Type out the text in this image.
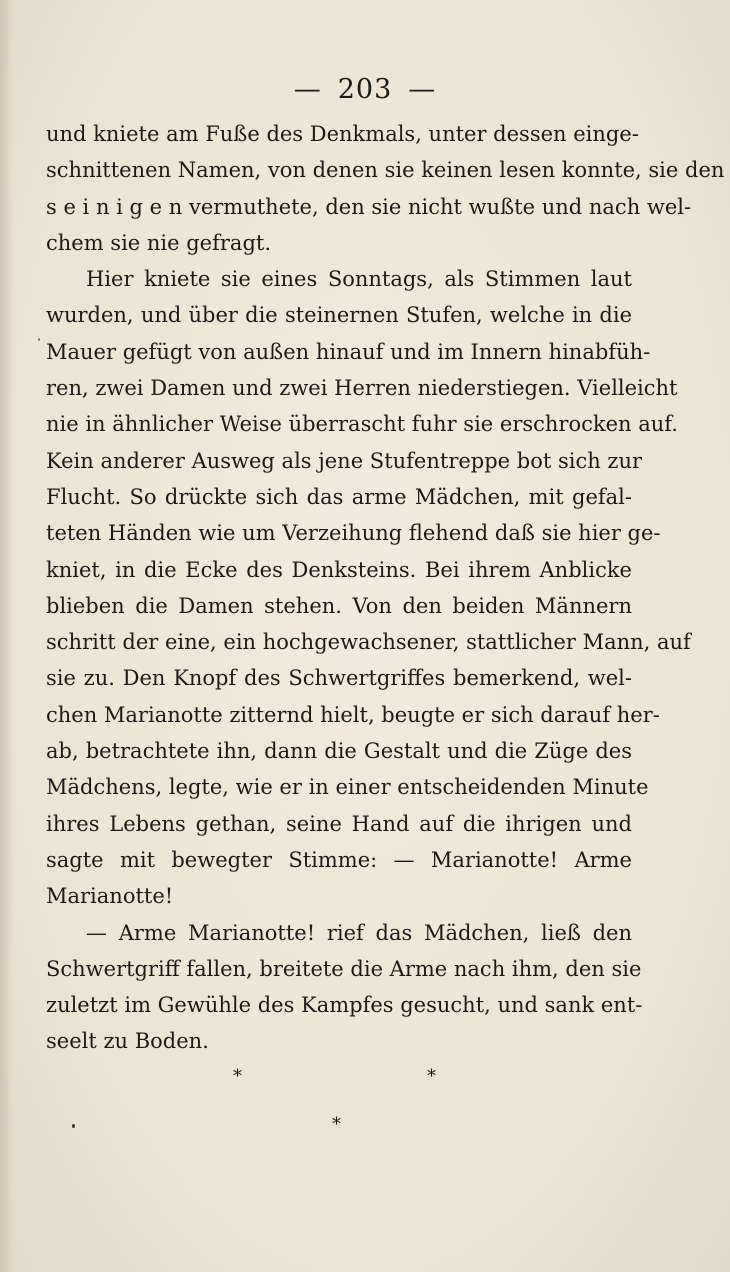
— 203 —
und kniete am Fuße des Denkmals, unter dessen einge-
schnittenen Namen, von denen sie keinen lesen konnte, sie den
s e i n i g e n vermuthete, den sie nicht wußte und nach wel-
chem sie nie gefragt.
Hier kniete sie eines Sonntags, als Stimmen laut
wurden, und über die steinernen Stufen, welche in die
Mauer gefügt von außen hinauf und im Innern hinabfüh-
ren, zwei Damen und zwei Herren niederstiegen. Vielleicht
nie in ähnlicher Weise überrascht fuhr sie erschrocken auf.
Kein anderer Ausweg als jene Stufentreppe bot sich zur
Flucht. So drückte sich das arme Mädchen, mit gefal-
teten Händen wie um Verzeihung flehend daß sie hier ge-
kniet, in die Ecke des Denksteins. Bei ihrem Anblicke
blieben die Damen stehen. Von den beiden Männern
schritt der eine, ein hochgewachsener, stattlicher Mann, auf
sie zu. Den Knopf des Schwertgriffes bemerkend, wel-
chen Marianotte zitternd hielt, beugte er sich darauf her-
ab, betrachtete ihn, dann die Gestalt und die Züge des
Mädchens, legte, wie er in einer entscheidenden Minute
ihres Lebens gethan, seine Hand auf die ihrigen und
sagte mit bewegter Stimme: — Marianotte! Arme
Marianotte!
— Arme Marianotte! rief das Mädchen, ließ den
Schwertgriff fallen, breitete die Arme nach ihm, den sie
zuletzt im Gewühle des Kampfes gesucht, und sank ent-
seelt zu Boden.
*	*
*
